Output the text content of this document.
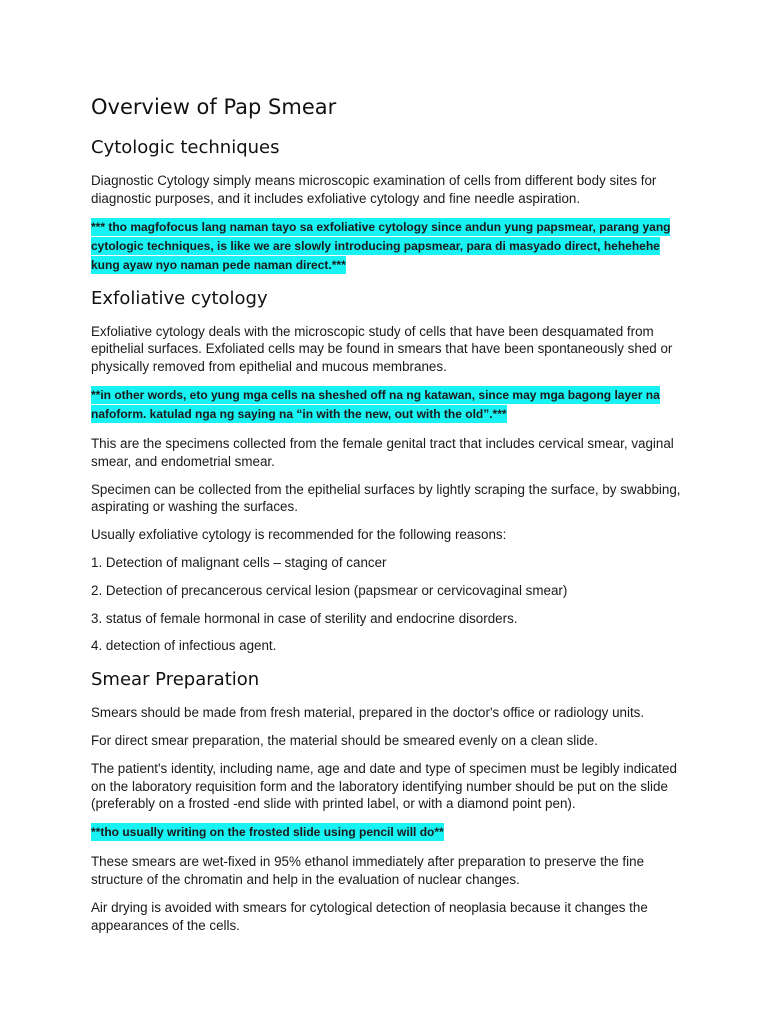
Overview of Pap Smear
Cytologic techniques

Diagnostic Cytology simply means microscopic examination of cells from different body sites for diagnostic purposes, and it includes exfoliative cytology and fine needle aspiration.

*** tho magfofocus lang naman tayo sa exfoliative cytology since andun yung papsmear, parang yang cytologic techniques, is like we are slowly introducing papsmear, para di masyado direct, hehehehe kung ayaw nyo naman pede naman direct.***

Exfoliative cytology

Exfoliative cytology deals with the microscopic study of cells that have been desquamated from epithelial surfaces. Exfoliated cells may be found in smears that have been spontaneously shed or physically removed from epithelial and mucous membranes.

**in other words, eto yung mga cells na sheshed off na ng katawan, since may mga bagong layer na nafoform. katulad nga ng saying na “in with the new, out with the old”.***

This are the specimens collected from the female genital tract that includes cervical smear, vaginal smear, and endometrial smear.

Specimen can be collected from the epithelial surfaces by lightly scraping the surface, by swabbing, aspirating or washing the surfaces.

Usually exfoliative cytology is recommended for the following reasons:

1. Detection of malignant cells – staging of cancer

2. Detection of precancerous cervical lesion (papsmear or cervicovaginal smear)

3. status of female hormonal in case of sterility and endocrine disorders.

4. detection of infectious agent.

Smear Preparation

Smears should be made from fresh material, prepared in the doctor's office or radiology units.

For direct smear preparation, the material should be smeared evenly on a clean slide.

The patient's identity, including name, age and date and type of specimen must be legibly indicated on the laboratory requisition form and the laboratory identifying number should be put on the slide (preferably on a frosted -end slide with printed label, or with a diamond point pen).

**tho usually writing on the frosted slide using pencil will do**

These smears are wet-fixed in 95% ethanol immediately after preparation to preserve the fine structure of the chromatin and help in the evaluation of nuclear changes.

Air drying is avoided with smears for cytological detection of neoplasia because it changes the appearances of the cells.
